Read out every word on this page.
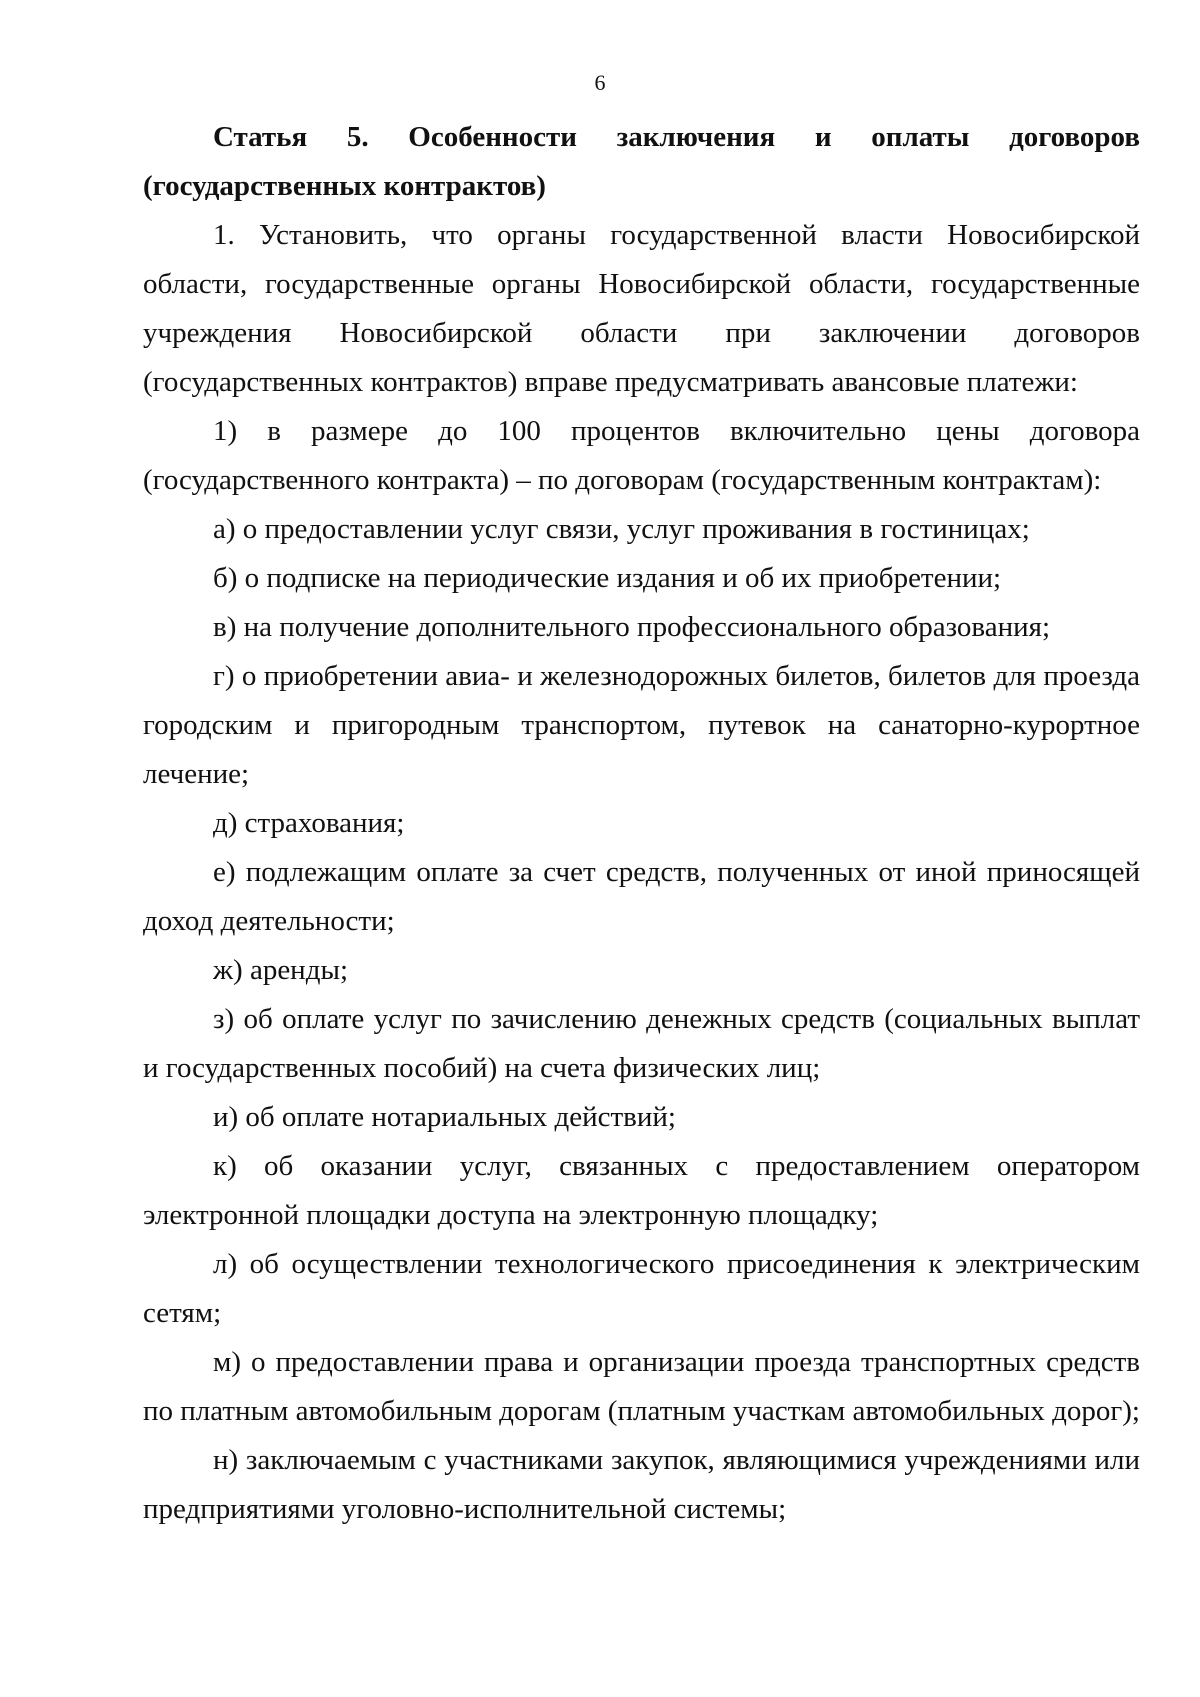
6

Статья 5. Особенности заключения и оплаты договоров (государственных контрактов)

1. Установить, что органы государственной власти Новосибирской области, государственные органы Новосибирской области, государственные учреждения Новосибирской области при заключении договоров (государственных контрактов) вправе предусматривать авансовые платежи:

1) в размере до 100 процентов включительно цены договора (государственного контракта) – по договорам (государственным контрактам):

а) о предоставлении услуг связи, услуг проживания в гостиницах;

б) о подписке на периодические издания и об их приобретении;

в) на получение дополнительного профессионального образования;

г) о приобретении авиа- и железнодорожных билетов, билетов для проезда городским и пригородным транспортом, путевок на санаторно-курортное лечение;

д) страхования;

е) подлежащим оплате за счет средств, полученных от иной приносящей доход деятельности;

ж) аренды;

з) об оплате услуг по зачислению денежных средств (социальных выплат и государственных пособий) на счета физических лиц;

и) об оплате нотариальных действий;

к) об оказании услуг, связанных с предоставлением оператором электронной площадки доступа на электронную площадку;

л) об осуществлении технологического присоединения к электрическим сетям;

м) о предоставлении права и организации проезда транспортных средств по платным автомобильным дорогам (платным участкам автомобильных дорог);

н) заключаемым с участниками закупок, являющимися учреждениями или предприятиями уголовно-исполнительной системы;
